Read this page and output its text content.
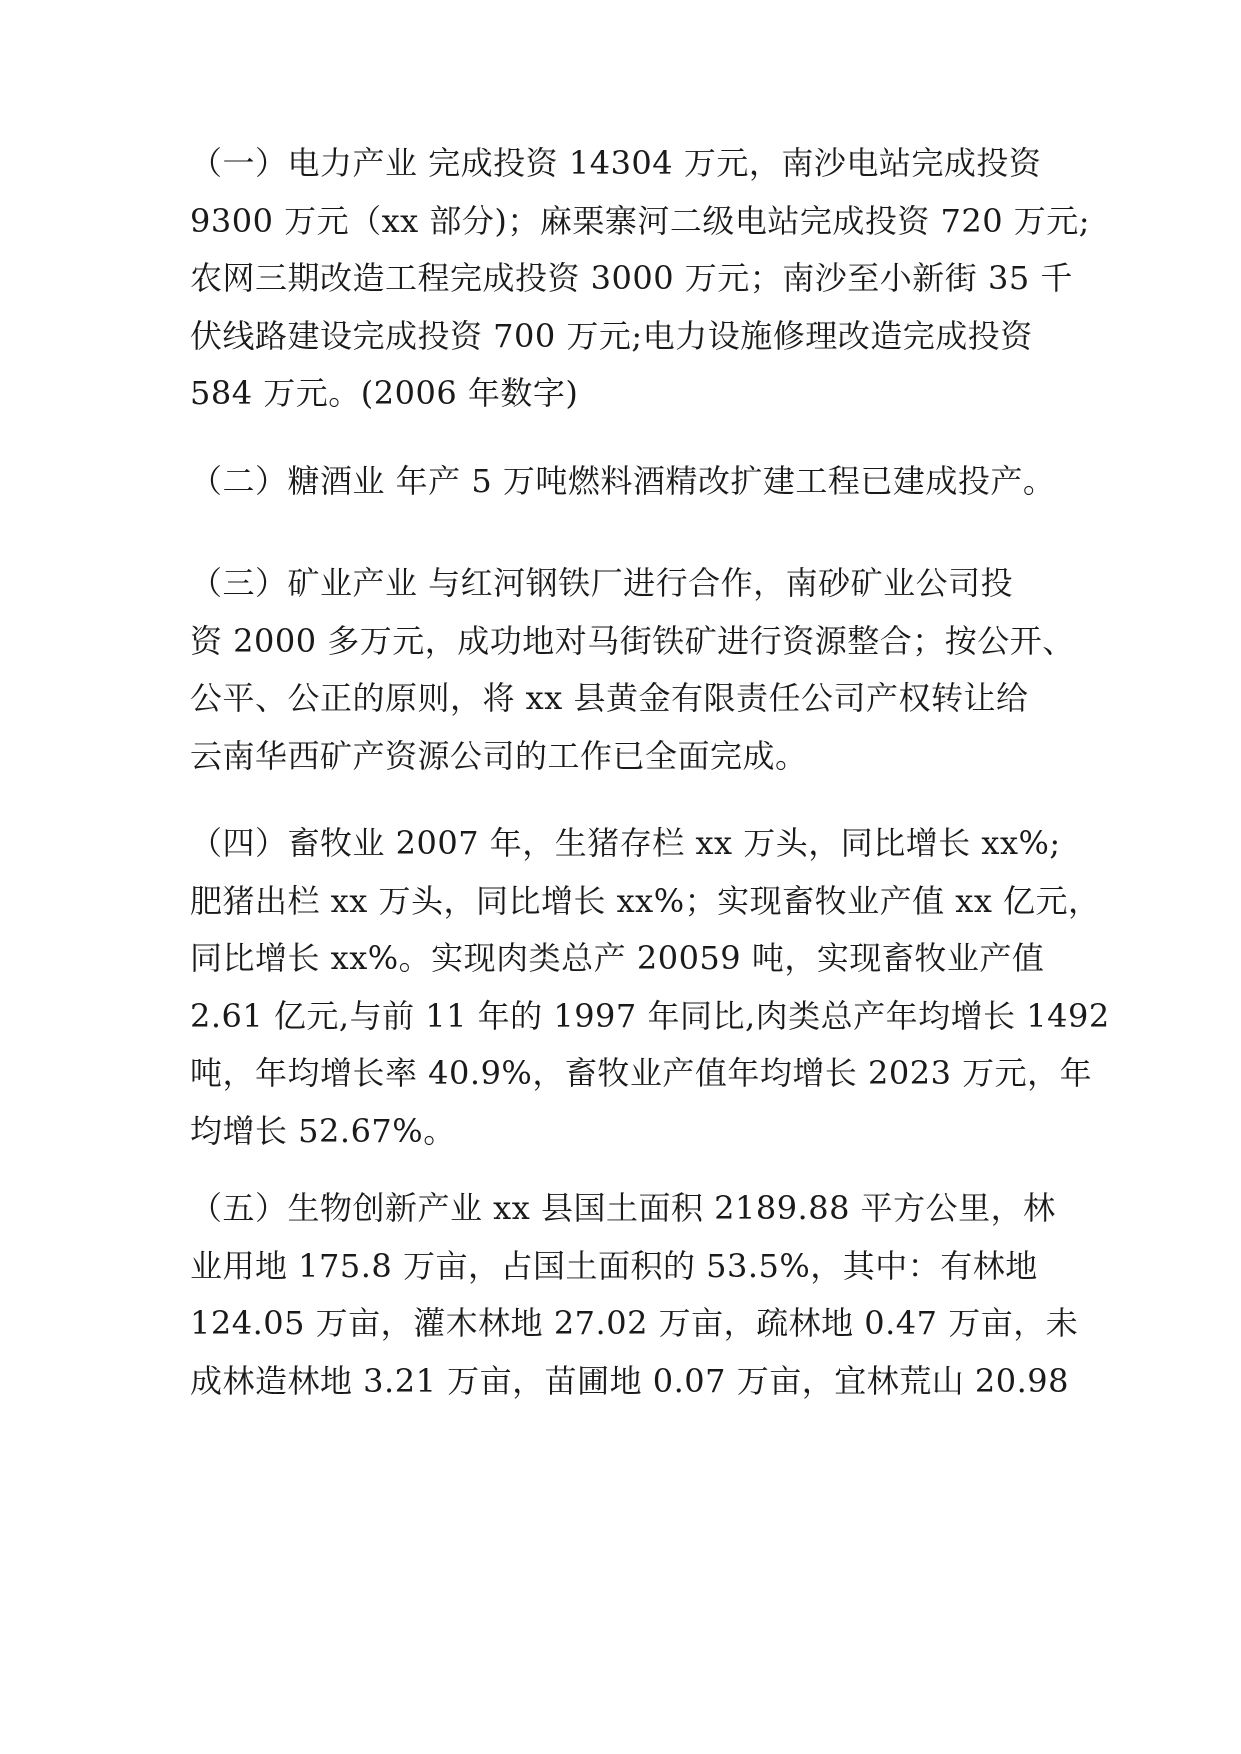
（一）电力产业 完成投资 14304 万元，南沙电站完成投资
9300 万元（xx 部分)；麻栗寨河二级电站完成投资 720 万元;
农网三期改造工程完成投资 3000 万元；南沙至小新街 35 千
伏线路建设完成投资 700 万元;电力设施修理改造完成投资
584 万元。(2006 年数字)
（二）糖酒业 年产 5 万吨燃料酒精改扩建工程已建成投产。
（三）矿业产业 与红河钢铁厂进行合作，南砂矿业公司投
资 2000 多万元，成功地对马街铁矿进行资源整合；按公开、
公平、公正的原则，将 xx 县黄金有限责任公司产权转让给
云南华西矿产资源公司的工作已全面完成。
（四）畜牧业 2007 年，生猪存栏 xx 万头，同比增长 xx%;
肥猪出栏 xx 万头，同比增长 xx%；实现畜牧业产值 xx 亿元，
同比增长 xx%。实现肉类总产 20059 吨，实现畜牧业产值
2.61 亿元,与前 11 年的 1997 年同比,肉类总产年均增长 1492
吨，年均增长率 40.9%，畜牧业产值年均增长 2023 万元，年
均增长 52.67%。
（五）生物创新产业 xx 县国土面积 2189.88 平方公里，林
业用地 175.8 万亩，占国土面积的 53.5%，其中：有林地
124.05 万亩，灌木林地 27.02 万亩，疏林地 0.47 万亩，未
成林造林地 3.21 万亩，苗圃地 0.07 万亩，宜林荒山 20.98
